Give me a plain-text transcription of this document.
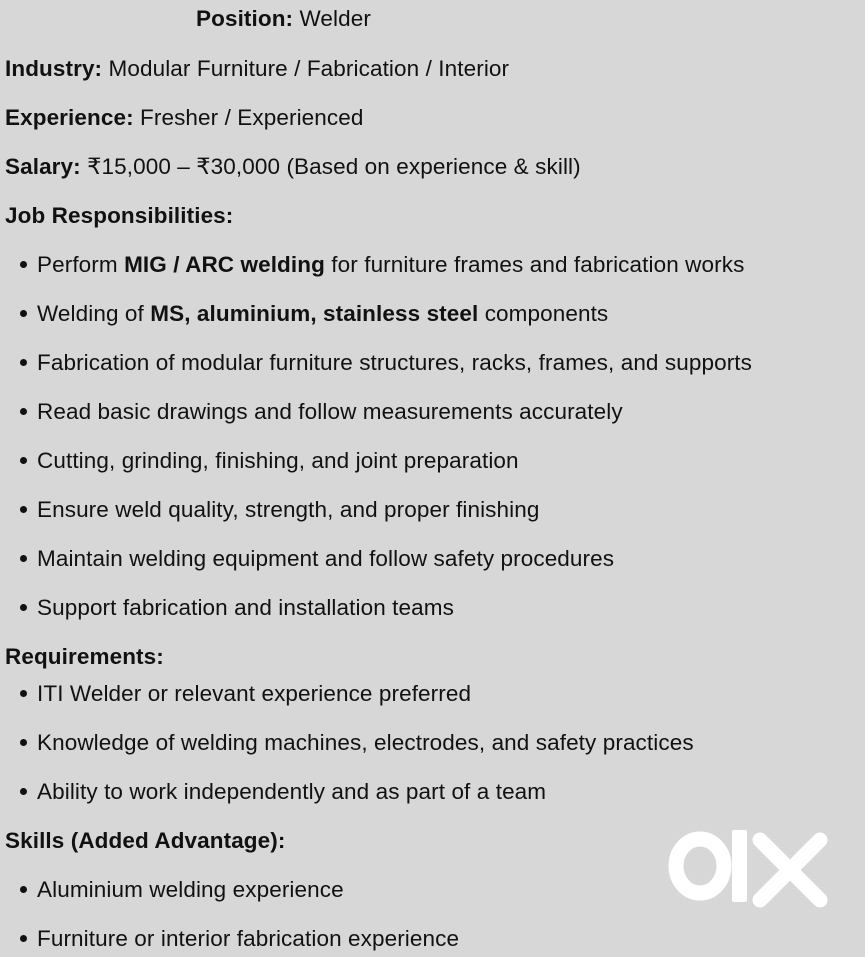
Position: Welder
Industry: Modular Furniture / Fabrication / Interior
Experience: Fresher / Experienced
Salary: ₹15,000 – ₹30,000 (Based on experience & skill)
Job Responsibilities:
Perform MIG / ARC welding for furniture frames and fabrication works
Welding of MS, aluminium, stainless steel components
Fabrication of modular furniture structures, racks, frames, and supports
Read basic drawings and follow measurements accurately
Cutting, grinding, finishing, and joint preparation
Ensure weld quality, strength, and proper finishing
Maintain welding equipment and follow safety procedures
Support fabrication and installation teams
Requirements:
ITI Welder or relevant experience preferred
Knowledge of welding machines, electrodes, and safety practices
Ability to work independently and as part of a team
Skills (Added Advantage):
Aluminium welding experience
Furniture or interior fabrication experience
